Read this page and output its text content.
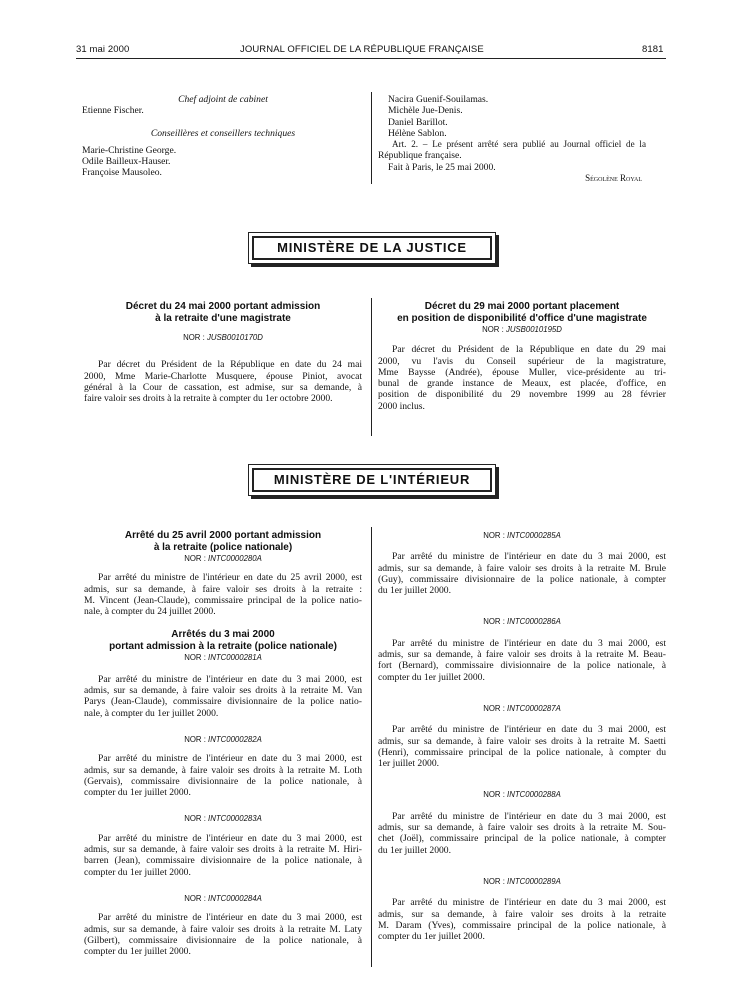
31 mai 2000	JOURNAL OFFICIEL DE LA RÉPUBLIQUE FRANÇAISE	8181
Chef adjoint de cabinet
Etienne Fischer.
Conseillères et conseillers techniques
Marie-Christine George.
Odile Bailleux-Hauser.
Françoise Mausoleo.
Nacira Guenif-Souilamas.
Michèle Jue-Denis.
Daniel Barillot.
Hélène Sablon.
Art. 2. – Le présent arrêté sera publié au Journal officiel de la
République française.
Fait à Paris, le 25 mai 2000.
Ségolène Royal
MINISTÈRE DE LA JUSTICE
Décret du 24 mai 2000 portant admission
à la retraite d'une magistrate
NOR : JUSB0010170D
Par décret du Président de la République en date du 24 mai
2000, Mme Marie-Charlotte Musquere, épouse Piniot, avocat
général à la Cour de cassation, est admise, sur sa demande, à
faire valoir ses droits à la retraite à compter du 1er octobre 2000.
Décret du 29 mai 2000 portant placement
en position de disponibilité d'office d'une magistrate
NOR : JUSB0010195D
Par décret du Président de la République en date du 29 mai
2000, vu l'avis du Conseil supérieur de la magistrature,
Mme Baysse (Andrée), épouse Muller, vice-présidente au tri-
bunal de grande instance de Meaux, est placée, d'office, en
position de disponibilité du 29 novembre 1999 au 28 février
2000 inclus.
MINISTÈRE DE L'INTÉRIEUR
Arrêté du 25 avril 2000 portant admission
à la retraite (police nationale)
NOR : INTC0000280A
Par arrêté du ministre de l'intérieur en date du 25 avril 2000, est
admis, sur sa demande, à faire valoir ses droits à la retraite :
M. Vincent (Jean-Claude), commissaire principal de la police natio-
nale, à compter du 24 juillet 2000.
Arrêtés du 3 mai 2000
portant admission à la retraite (police nationale)
NOR : INTC0000281A
Par arrêté du ministre de l'intérieur en date du 3 mai 2000, est
admis, sur sa demande, à faire valoir ses droits à la retraite M. Van
Parys (Jean-Claude), commissaire divisionnaire de la police natio-
nale, à compter du 1er juillet 2000.
NOR : INTC0000282A
Par arrêté du ministre de l'intérieur en date du 3 mai 2000, est
admis, sur sa demande, à faire valoir ses droits à la retraite M. Loth
(Gervais), commissaire divisionnaire de la police nationale, à
compter du 1er juillet 2000.
NOR : INTC0000283A
Par arrêté du ministre de l'intérieur en date du 3 mai 2000, est
admis, sur sa demande, à faire valoir ses droits à la retraite M. Hiri-
barren (Jean), commissaire divisionnaire de la police nationale, à
compter du 1er juillet 2000.
NOR : INTC0000284A
Par arrêté du ministre de l'intérieur en date du 3 mai 2000, est
admis, sur sa demande, à faire valoir ses droits à la retraite M. Laty
(Gilbert), commissaire divisionnaire de la police nationale, à
compter du 1er juillet 2000.
NOR : INTC0000285A
Par arrêté du ministre de l'intérieur en date du 3 mai 2000, est
admis, sur sa demande, à faire valoir ses droits à la retraite M. Brule
(Guy), commissaire divisionnaire de la police nationale, à compter
du 1er juillet 2000.
NOR : INTC0000286A
Par arrêté du ministre de l'intérieur en date du 3 mai 2000, est
admis, sur sa demande, à faire valoir ses droits à la retraite M. Beau-
fort (Bernard), commissaire divisionnaire de la police nationale, à
compter du 1er juillet 2000.
NOR : INTC0000287A
Par arrêté du ministre de l'intérieur en date du 3 mai 2000, est
admis, sur sa demande, à faire valoir ses droits à la retraite M. Saetti
(Henri), commissaire principal de la police nationale, à compter du
1er juillet 2000.
NOR : INTC0000288A
Par arrêté du ministre de l'intérieur en date du 3 mai 2000, est
admis, sur sa demande, à faire valoir ses droits à la retraite M. Sou-
chet (Joël), commissaire principal de la police nationale, à compter
du 1er juillet 2000.
NOR : INTC0000289A
Par arrêté du ministre de l'intérieur en date du 3 mai 2000, est
admis, sur sa demande, à faire valoir ses droits à la retraite
M. Daram (Yves), commissaire principal de la police nationale, à
compter du 1er juillet 2000.
